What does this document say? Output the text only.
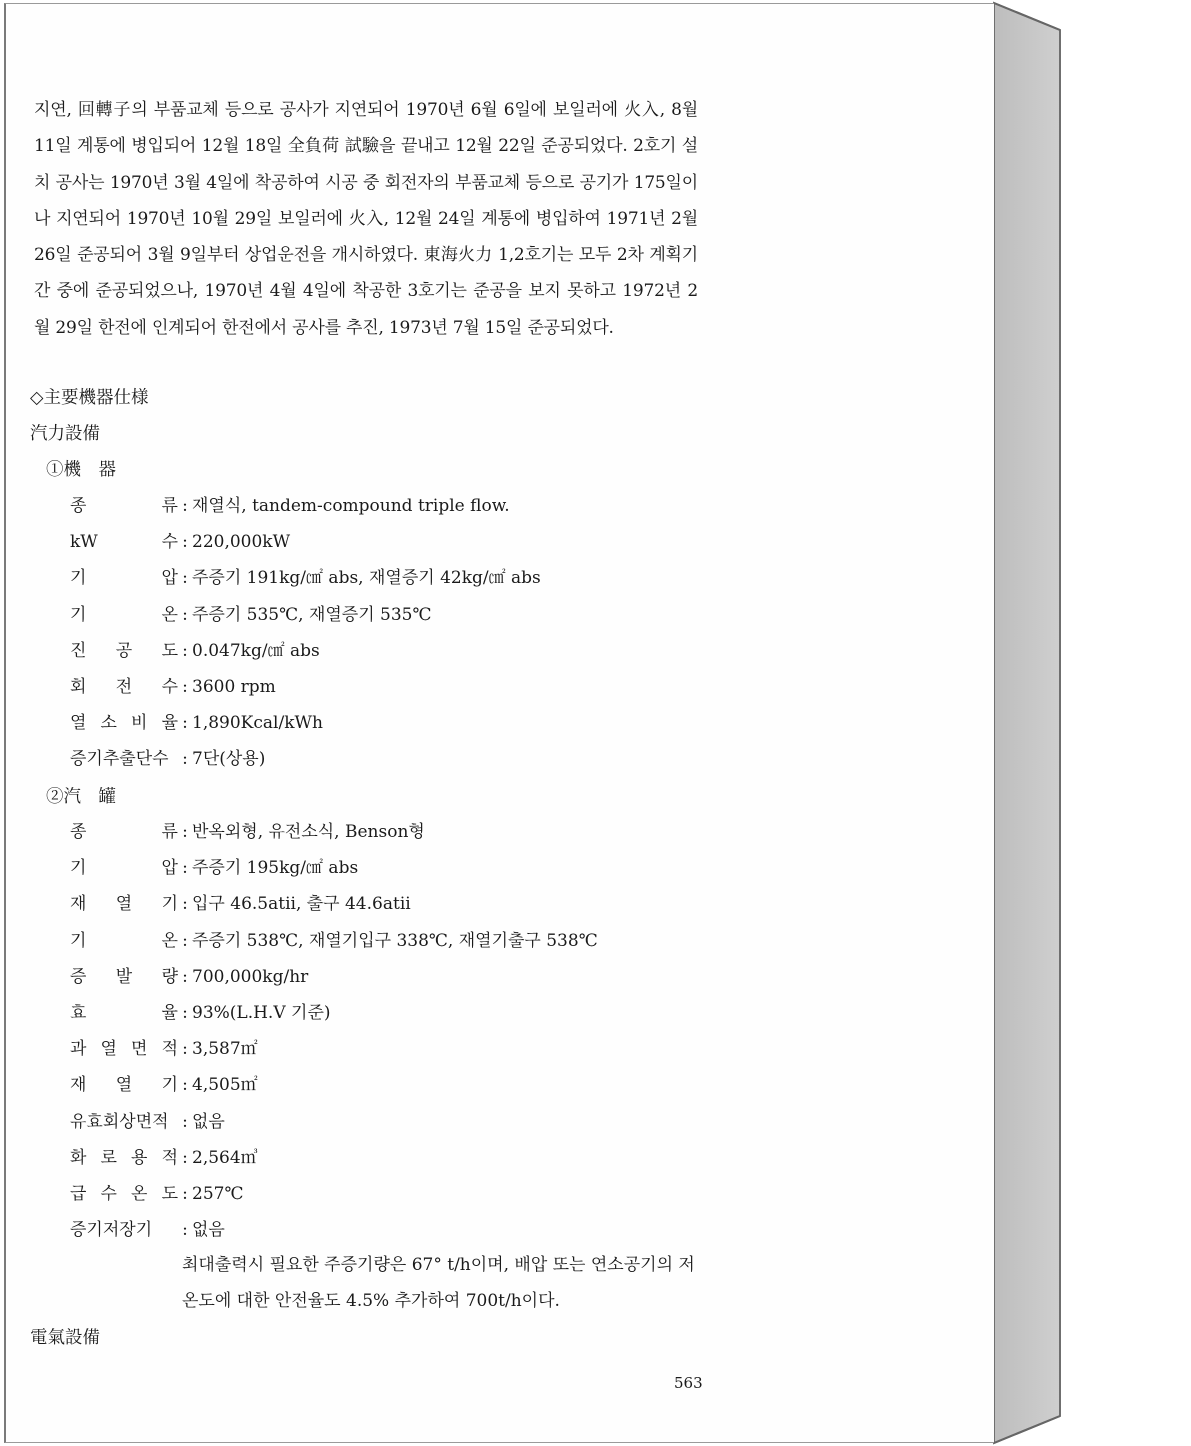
지연, 回轉子의 부품교체 등으로 공사가 지연되어 1970년 6월 6일에 보일러에 火入, 8월 11일 계통에 병입되어 12월 18일 全負荷 試驗을 끝내고 12월 22일 준공되었다. 2호기 설치 공사는 1970년 3월 4일에 착공하여 시공 중 회전자의 부품교체 등으로 공기가 175일이나 지연되어 1970년 10월 29일 보일러에 火入, 12월 24일 계통에 병입하여 1971년 2월 26일 준공되어 3월 9일부터 상업운전을 개시하였다. 東海火力 1,2호기는 모두 2차 계획기간 중에 준공되었으나, 1970년 4월 4일에 착공한 3호기는 준공을 보지 못하고 1972년 2월 29일 한전에 인계되어 한전에서 공사를 추진, 1973년 7월 15일 준공되었다.

◇主要機器仕様
汽力設備
①機　器
종　　　류 : 재열식, tandem-compound triple flow.
kW　　 수 : 220,000kW
기　　　압 : 주증기 191kg/㎠ abs, 재열증기 42kg/㎠ abs
기　　　온 : 주증기 535℃, 재열증기 535℃
진　공　도 : 0.047kg/㎠ abs
회　전　수 : 3600 rpm
열 소 비 율 : 1,890Kcal/kWh
증기추출단수 : 7단(상용)
②汽　罐
종　　　류 : 반옥외형, 유전소식, Benson형
기　　　압 : 주증기 195kg/㎠ abs
재　열　기 : 입구 46.5atii, 출구 44.6atii
기　　　온 : 주증기 538℃, 재열기입구 338℃, 재열기출구 538℃
증　발　량 : 700,000kg/hr
효　　　율 : 93%(L.H.V 기준)
과 열 면 적 : 3,587㎡
재　열　기 : 4,505㎡
유효회상면적 : 없음
화 로 용 적 : 2,564㎥
급 수 온 도 : 257℃
증기저장기 : 없음
최대출력시 필요한 주증기량은 67° t/h이며, 배압 또는 연소공기의 저온도에 대한 안전율도 4.5% 추가하여 700t/h이다.
電氣設備
563
